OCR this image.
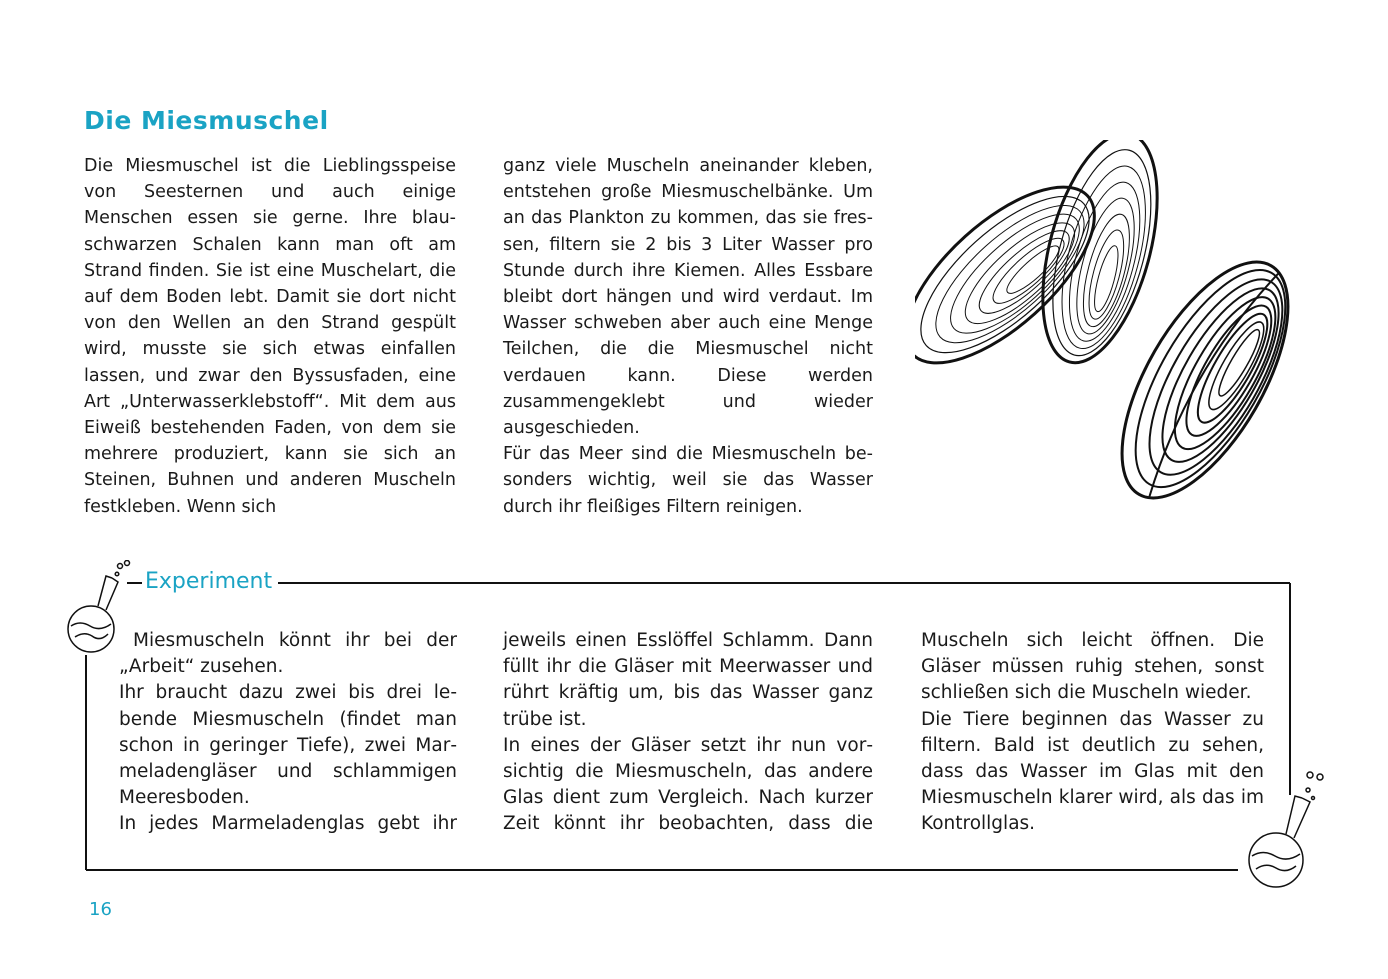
Die Miesmuschel

Die Miesmuschel ist die Lieblingsspeise von Seesternen und auch einige Menschen essen sie gerne. Ihre blau-schwarzen Schalen kann man oft am Strand finden. Sie ist eine Muschelart, die auf dem Boden lebt. Damit sie dort nicht von den Wellen an den Strand gespült wird, musste sie sich etwas einfallen lassen, und zwar den Byssusfaden, eine Art „Unterwasserklebstoff“. Mit dem aus Eiweiß bestehenden Faden, von dem sie mehrere produziert, kann sie sich an Steinen, Buhnen und anderen Muscheln festkleben. Wenn sich

ganz viele Muscheln aneinander kleben, entstehen große Miesmuschelbänke. Um an das Plankton zu kommen, das sie fressen, filtern sie 2 bis 3 Liter Wasser pro Stunde durch ihre Kiemen. Alles Essbare bleibt dort hängen und wird verdaut. Im Wasser schweben aber auch eine Menge Teilchen, die die Miesmuschel nicht verdauen kann. Diese werden zusammengeklebt und wieder ausgeschieden.

Für das Meer sind die Miesmuscheln besonders wichtig, weil sie das Wasser durch ihr fleißiges Filtern reinigen.

Experiment

Miesmuscheln könnt ihr bei der „Arbeit“ zusehen.

Ihr braucht dazu zwei bis drei lebende Miesmuscheln (findet man schon in geringer Tiefe), zwei Marmeladengläser und schlammigen Meeresboden.

In jedes Marmeladenglas gebt ihr

jeweils einen Esslöffel Schlamm. Dann füllt ihr die Gläser mit Meerwasser und rührt kräftig um, bis das Wasser ganz trübe ist.

In eines der Gläser setzt ihr nun vorsichtig die Miesmuscheln, das andere Glas dient zum Vergleich. Nach kurzer Zeit könnt ihr beobachten, dass die

Muscheln sich leicht öffnen. Die Gläser müssen ruhig stehen, sonst schließen sich die Muscheln wieder.

Die Tiere beginnen das Wasser zu filtern. Bald ist deutlich zu sehen, dass das Wasser im Glas mit den Miesmuscheln klarer wird, als das im Kontrollglas.

16
